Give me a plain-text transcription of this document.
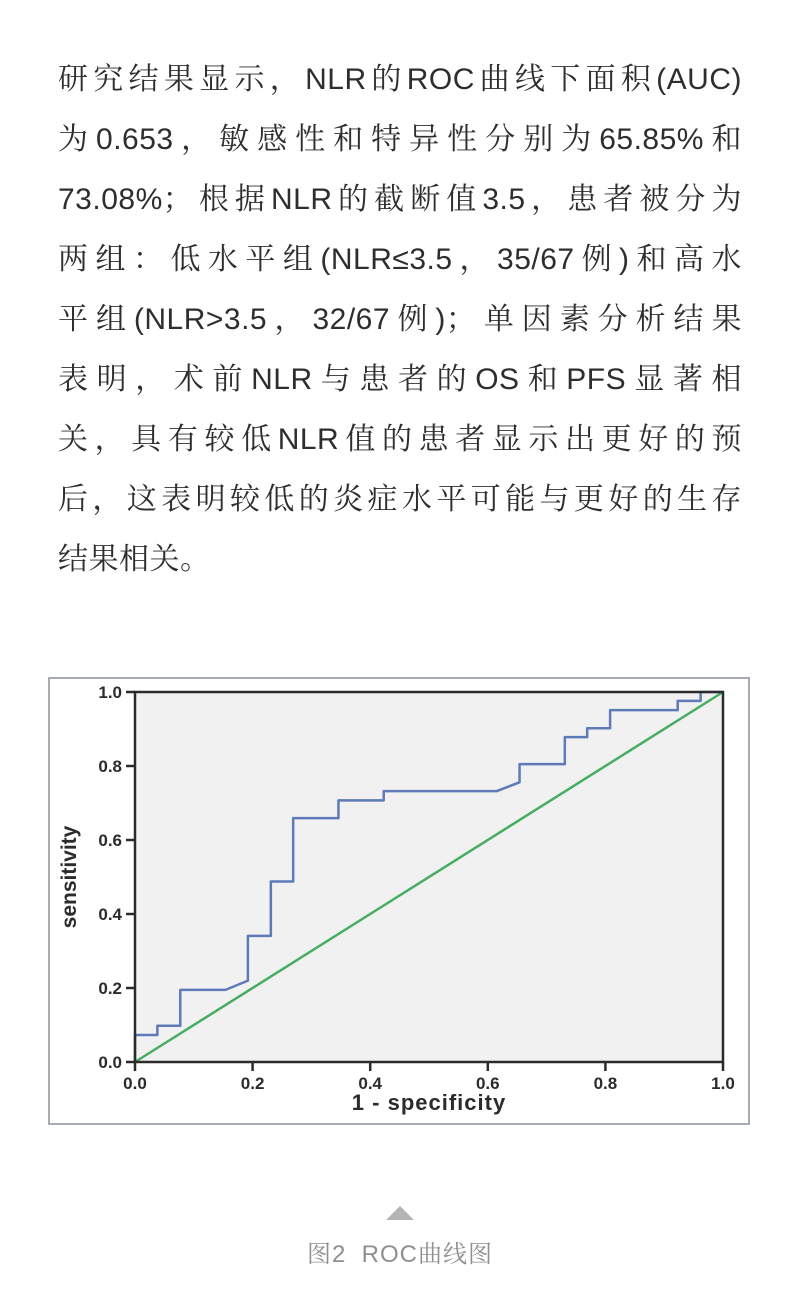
研究结果显示，NLR的ROC曲线下面积(AUC)
为0.653，敏感性和特异性分别为65.85%和
73.08%；根据NLR的截断值3.5，患者被分为
两组：低水平组(NLR≤3.5，35/67例)和高水
平组(NLR>3.5，32/67例)；单因素分析结果
表明，术前NLR与患者的OS和PFS显著相
关，具有较低NLR值的患者显示出更好的预
后，这表明较低的炎症水平可能与更好的生存
结果相关。
0.0	0.2	0.4	0.6	0.8	1.0
0.0
0.2
0.4
0.6
0.8
1.0
1 - specificity
sensitivity
图2  ROC曲线图
